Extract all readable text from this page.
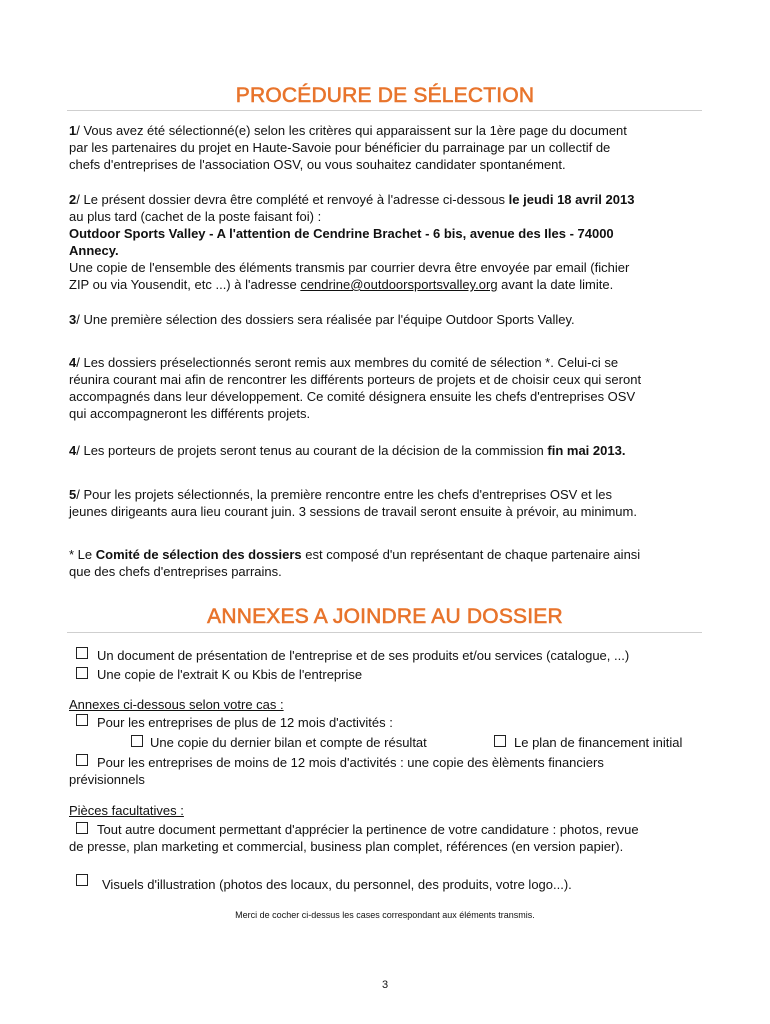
PROCÉDURE DE SÉLECTION
1/ Vous avez été sélectionné(e) selon les critères qui apparaissent sur la 1ère page du document
par les partenaires du projet en Haute-Savoie pour bénéficier du parrainage par un collectif de
chefs d'entreprises de l'association OSV, ou vous souhaitez candidater spontanément.
2/ Le présent dossier devra être complété et renvoyé à l'adresse ci-dessous le jeudi 18 avril 2013
au plus tard (cachet de la poste faisant foi) :
Outdoor Sports Valley - A l'attention de Cendrine Brachet - 6 bis, avenue des Iles - 74000
Annecy.
Une copie de l'ensemble des éléments transmis par courrier devra être envoyée par email (fichier
ZIP ou via Yousendit, etc ...) à l'adresse cendrine@outdoorsportsvalley.org avant la date limite.
3/ Une première sélection des dossiers sera réalisée par l'équipe Outdoor Sports Valley.
4/ Les dossiers préselectionnés seront remis aux membres du comité de sélection *. Celui-ci se
réunira courant mai afin de rencontrer les différents porteurs de projets et de choisir ceux qui seront
accompagnés dans leur développement. Ce comité désignera ensuite les chefs d'entreprises OSV
qui accompagneront les différents projets.
4/ Les porteurs de projets seront tenus au courant de la décision de la commission fin mai 2013.
5/ Pour les projets sélectionnés, la première rencontre entre les chefs d'entreprises OSV et les
jeunes dirigeants aura lieu courant juin. 3 sessions de travail seront ensuite à prévoir, au minimum.
* Le Comité de sélection des dossiers est composé d'un représentant de chaque partenaire ainsi
que des chefs d'entreprises parrains.
ANNEXES A JOINDRE AU DOSSIER
Un document de présentation de l'entreprise et de ses produits et/ou services (catalogue, ...)
Une copie de l'extrait K ou Kbis de l'entreprise
Annexes ci-dessous selon votre cas :
Pour les entreprises de plus de 12 mois d'activités :
Une copie du dernier bilan et compte de résultat	Le plan de financement initial
Pour les entreprises de moins de 12 mois d'activités : une copie des èlèments financiers
prévisionnels
Pièces facultatives :
Tout autre document permettant d'apprécier la pertinence de votre candidature : photos, revue
de presse, plan marketing et commercial, business plan complet, références (en version papier).
Visuels d'illustration (photos des locaux, du personnel, des produits, votre logo...).
Merci de cocher ci-dessus les cases correspondant aux éléments transmis.
3
